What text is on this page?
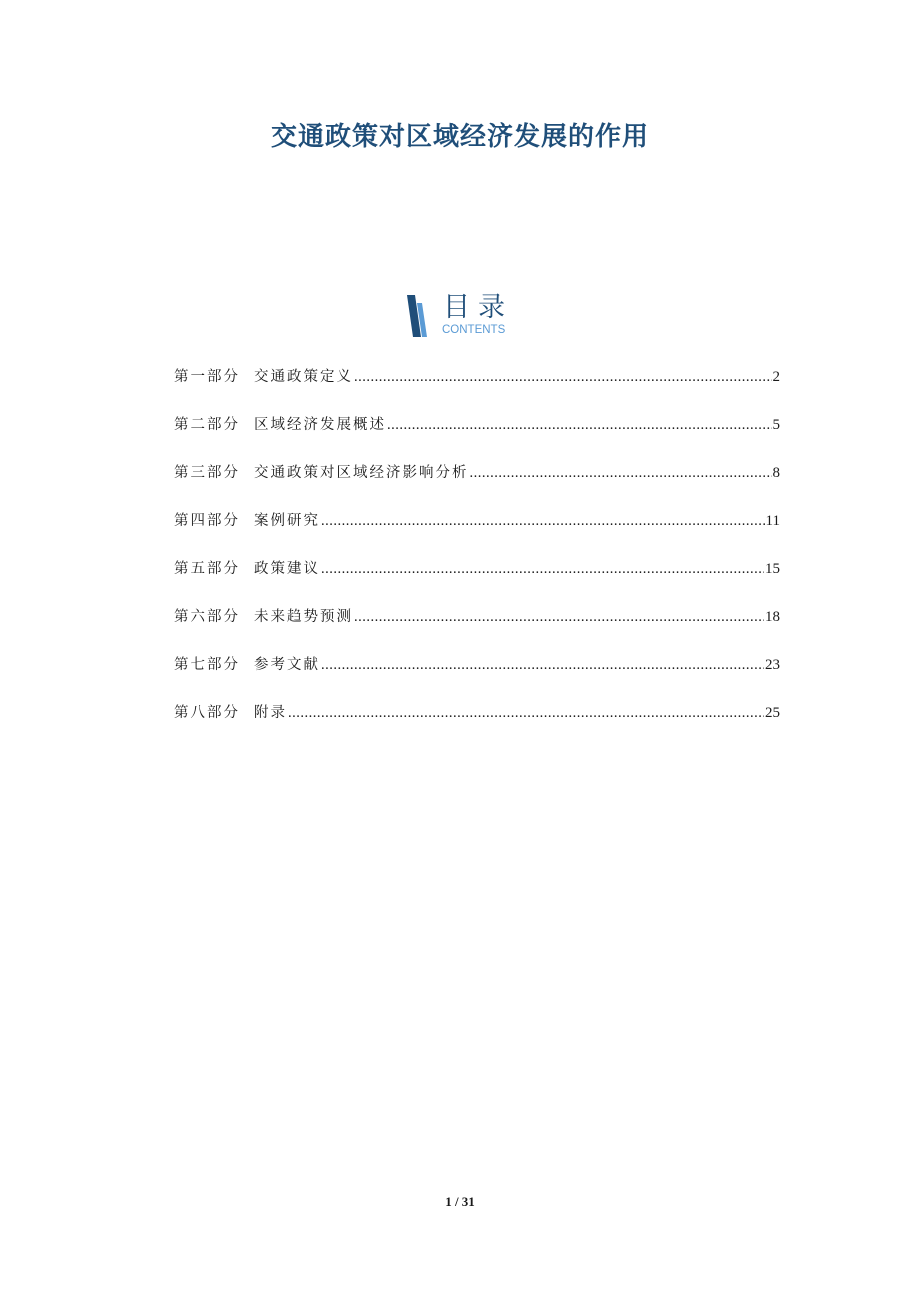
交通政策对区域经济发展的作用
目录
CONTENTS
第一部分 交通政策定义 .....	2
第二部分 区域经济发展概述 .....	5
第三部分 交通政策对区域经济影响分析 .....	8
第四部分 案例研究 .....	11
第五部分 政策建议 .....	15
第六部分 未来趋势预测 .....	18
第七部分 参考文献 .....	23
第八部分 附录 .....	25
1 / 31
